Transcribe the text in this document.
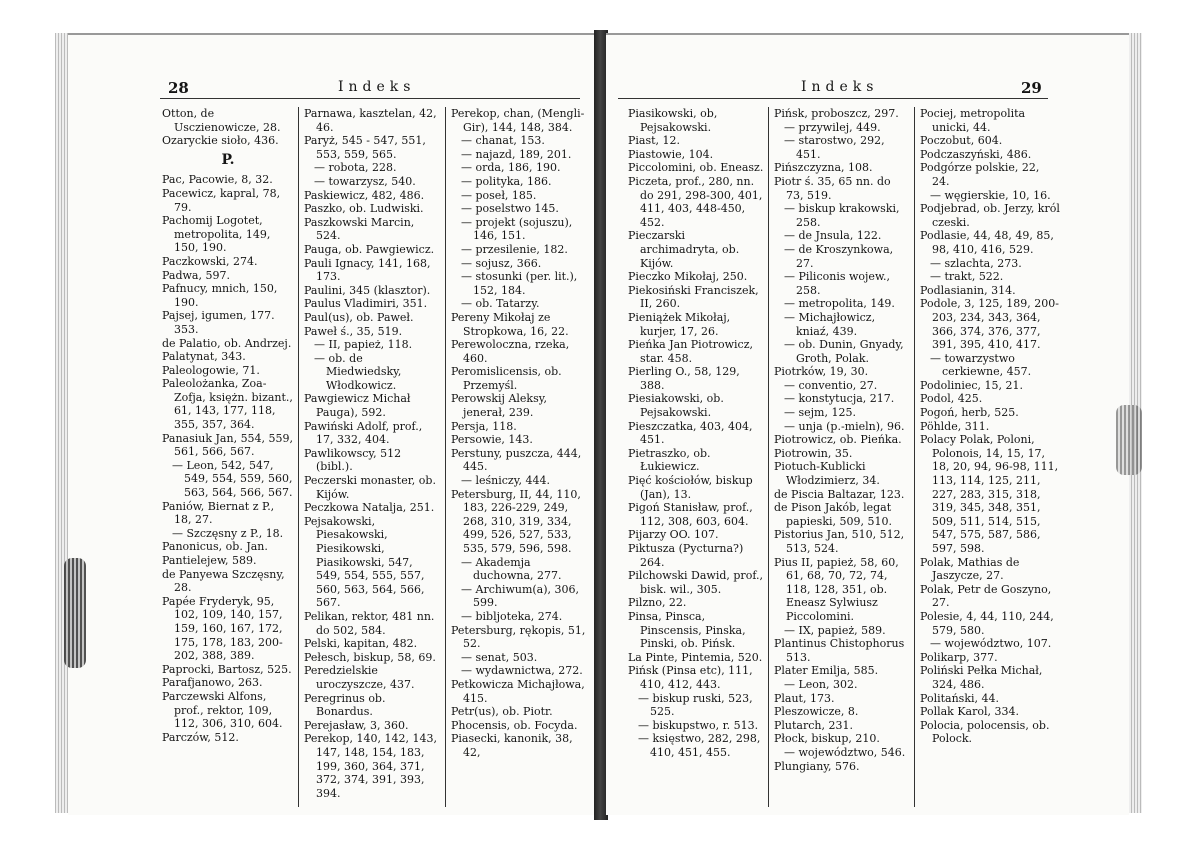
28	Indeks

Otton, de Usczienowicze, 28.

Ozaryckie sioło, 436.

P.

Pac, Pacowie, 8, 32.

Pacewicz, kapral, 78, 79.

Pachomij Logotet, metropolita, 149, 150, 190.

Paczkowski, 274.

Padwa, 597.

Pafnucy, mnich, 150, 190.

Pajsej, igumen, 177. 353.

de Palatio, ob. Andrzej.

Palatynat, 343.

Paleologowie, 71.

Paleolożanka, Zoa-Zofja, księżn. bizant., 61, 143, 177, 118, 355, 357, 364.

Panasiuk Jan, 554, 559, 561, 566, 567.

— Leon, 542, 547, 549, 554, 559, 560, 563, 564, 566, 567.

Paniów, Biernat z P., 18, 27.

— Szczęsny z P., 18.

Panonicus, ob. Jan.

Pantielejew, 589.

de Panyewa Szczęsny, 28.

Papée Fryderyk, 95, 102, 109, 140, 157, 159, 160, 167, 172, 175, 178, 183, 200-202, 388, 389.

Paprocki, Bartosz, 525.

Parafjanowo, 263.

Parczewski Alfons, prof., rektor, 109, 112, 306, 310, 604.

Parczów, 512.

Parnawa, kasztelan, 42, 46.

Paryż, 545 - 547, 551, 553, 559, 565.

— robota, 228.

— towarzysz, 540.

Paskiewicz, 482, 486.

Paszko, ob. Ludwiski.

Paszkowski Marcin, 524.

Pauga, ob. Pawgiewicz.

Pauli Ignacy, 141, 168, 173.

Paulini, 345 (klasztor).

Paulus Vladimiri, 351.

Paul(us), ob. Paweł.

Paweł ś., 35, 519.

— II, papież, 118.

— ob. de Miedwiedsky, Włodkowicz.

Pawgiewicz Michał Pauga), 592.

Pawiński Adolf, prof., 17, 332, 404.

Pawlikowscy, 512 (bibl.).

Peczerski monaster, ob. Kijów.

Peczkowa Natalja, 251.

Pejsakowski, Piesakowski, Piesikowski, Piasikowski, 547, 549, 554, 555, 557, 560, 563, 564, 566, 567.

Pelikan, rektor, 481 nn. do 502, 584.

Pelski, kapitan, 482.

Pełesch, biskup, 58, 69.

Peredzielskie uroczyszcze, 437.

Peregrinus ob. Bonardus.

Perejasław, 3, 360.

Perekop, 140, 142, 143, 147, 148, 154, 183, 199, 360, 364, 371, 372, 374, 391, 393, 394.

Perekop, chan, (Mengli-Gir), 144, 148, 384.

— chanat, 153.

— najazd, 189, 201.

— orda, 186, 190.

— polityka, 186.

— poseł, 185.

— poselstwo 145.

— projekt (sojuszu), 146, 151.

— przesilenie, 182.

— sojusz, 366.

— stosunki (per. lit.), 152, 184.

— ob. Tatarzy.

Pereny Mikołaj ze Stropkowa, 16, 22.

Perewoloczna, rzeka, 460.

Peromislicensis, ob. Przemyśl.

Perowskij Aleksy, jenerał, 239.

Persja, 118.

Persowie, 143.

Perstuny, puszcza, 444, 445.

— leśniczy, 444.

Petersburg, II, 44, 110, 183, 226-229, 249, 268, 310, 319, 334, 499, 526, 527, 533, 535, 579, 596, 598.

— Akademja duchowna, 277.

— Archiwum(a), 306, 599.

— bibljoteka, 274.

Petersburg, rękopis, 51, 52.

— senat, 503.

— wydawnictwa, 272.

Petkowicza Michajłowa, 415.

Petr(us), ob. Piotr.

Phocensis, ob. Focyda.

Piasecki, kanonik, 38, 42,

29
Indeks

Piasikowski, ob, Pejsakowski.

Piast, 12.

Piastowie, 104.

Piccolomini, ob. Eneasz.

Piczeta, prof., 280, nn. do 291, 298-300, 401, 411, 403, 448-450, 452.

Pieczarski archimadryta, ob. Kijów.

Pieczko Mikołaj, 250.

Piekosiński Franciszek, II, 260.

Pieniążek Mikołaj, kurjer, 17, 26.

Pieńka Jan Piotrowicz, star. 458.

Pierling O., 58, 129, 388.

Piesiakowski, ob. Pejsakowski.

Pieszczatka, 403, 404, 451.

Pietraszko, ob. Łukiewicz.

Pięć kościołów, biskup (Jan), 13.

Pigoń Stanisław, prof., 112, 308, 603, 604.

Pijarzy OO. 107.

Piktusza (Pycturna?) 264.

Pilchowski Dawid, prof., bisk. wil., 305.

Pilzno, 22.

Pinsa, Pinsca, Pinscensis, Pinska, Pinski, ob. Pińsk.

La Pinte, Pintemia, 520.

Pińsk (Pinsa etc), 111, 410, 412, 443.

— biskup ruski, 523, 525.

— biskupstwo, r. 513.

— księstwo, 282, 298, 410, 451, 455.

Pińsk, proboszcz, 297.

— przywilej, 449.

— starostwo, 292, 451.

Pińszczyzna, 108.

Piotr ś. 35, 65 nn. do 73, 519.

— biskup krakowski, 258.

— de Jnsula, 122.

— de Kroszynkowa, 27.

— Piliconis wojew., 258.

— metropolita, 149.

— Michajłowicz, kniaź, 439.

— ob. Dunin, Gnyady, Groth, Polak.

Piotrków, 19, 30.

— conventio, 27.

— konstytucja, 217.

— sejm, 125.

— unja (p.-mieln), 96.

Piotrowicz, ob. Pieńka.

Piotrowin, 35.

Piotuch-Kublicki Włodzimierz, 34.

de Piscia Baltazar, 123.

de Pison Jakób, legat papieski, 509, 510.

Pistorius Jan, 510, 512, 513, 524.

Pius II, papież, 58, 60, 61, 68, 70, 72, 74, 118, 128, 351, ob. Eneasz Sylwiusz Piccolomini.

— IX, papież, 589.

Plantinus Chistophorus 513.

Plater Emilja, 585.

— Leon, 302.

Plaut, 173.

Pleszowicze, 8.

Plutarch, 231.

Płock, biskup, 210.

— województwo, 546.

Plungiany, 576.

Pociej, metropolita unicki, 44.

Poczobut, 604.

Podczaszyński, 486.

Podgórze polskie, 22, 24.

— węgierskie, 10, 16.

Podjebrad, ob. Jerzy, król czeski.

Podlasie, 44, 48, 49, 85, 98, 410, 416, 529.

— szlachta, 273.

— trakt, 522.

Podlasianin, 314.

Podole, 3, 125, 189, 200-203, 234, 343, 364, 366, 374, 376, 377, 391, 395, 410, 417.

— towarzystwo cerkiewne, 457.

Podoliniec, 15, 21.

Podol, 425.

Pogoń, herb, 525.

Pöhlde, 311.

Polacy Polak, Poloni, Polonois, 14, 15, 17, 18, 20, 94, 96-98, 111, 113, 114, 125, 211, 227, 283, 315, 318, 319, 345, 348, 351, 509, 511, 514, 515, 547, 575, 587, 586, 597, 598.

Polak, Mathias de Jaszycze, 27.

Polak, Petr de Goszyno, 27.

Polesie, 4, 44, 110, 244, 579, 580.

— województwo, 107.

Polikarp, 377.

Poliński Pełka Michał, 324, 486.

Politański, 44.

Pollak Karol, 334.

Polocia, polocensis, ob. Polock.
